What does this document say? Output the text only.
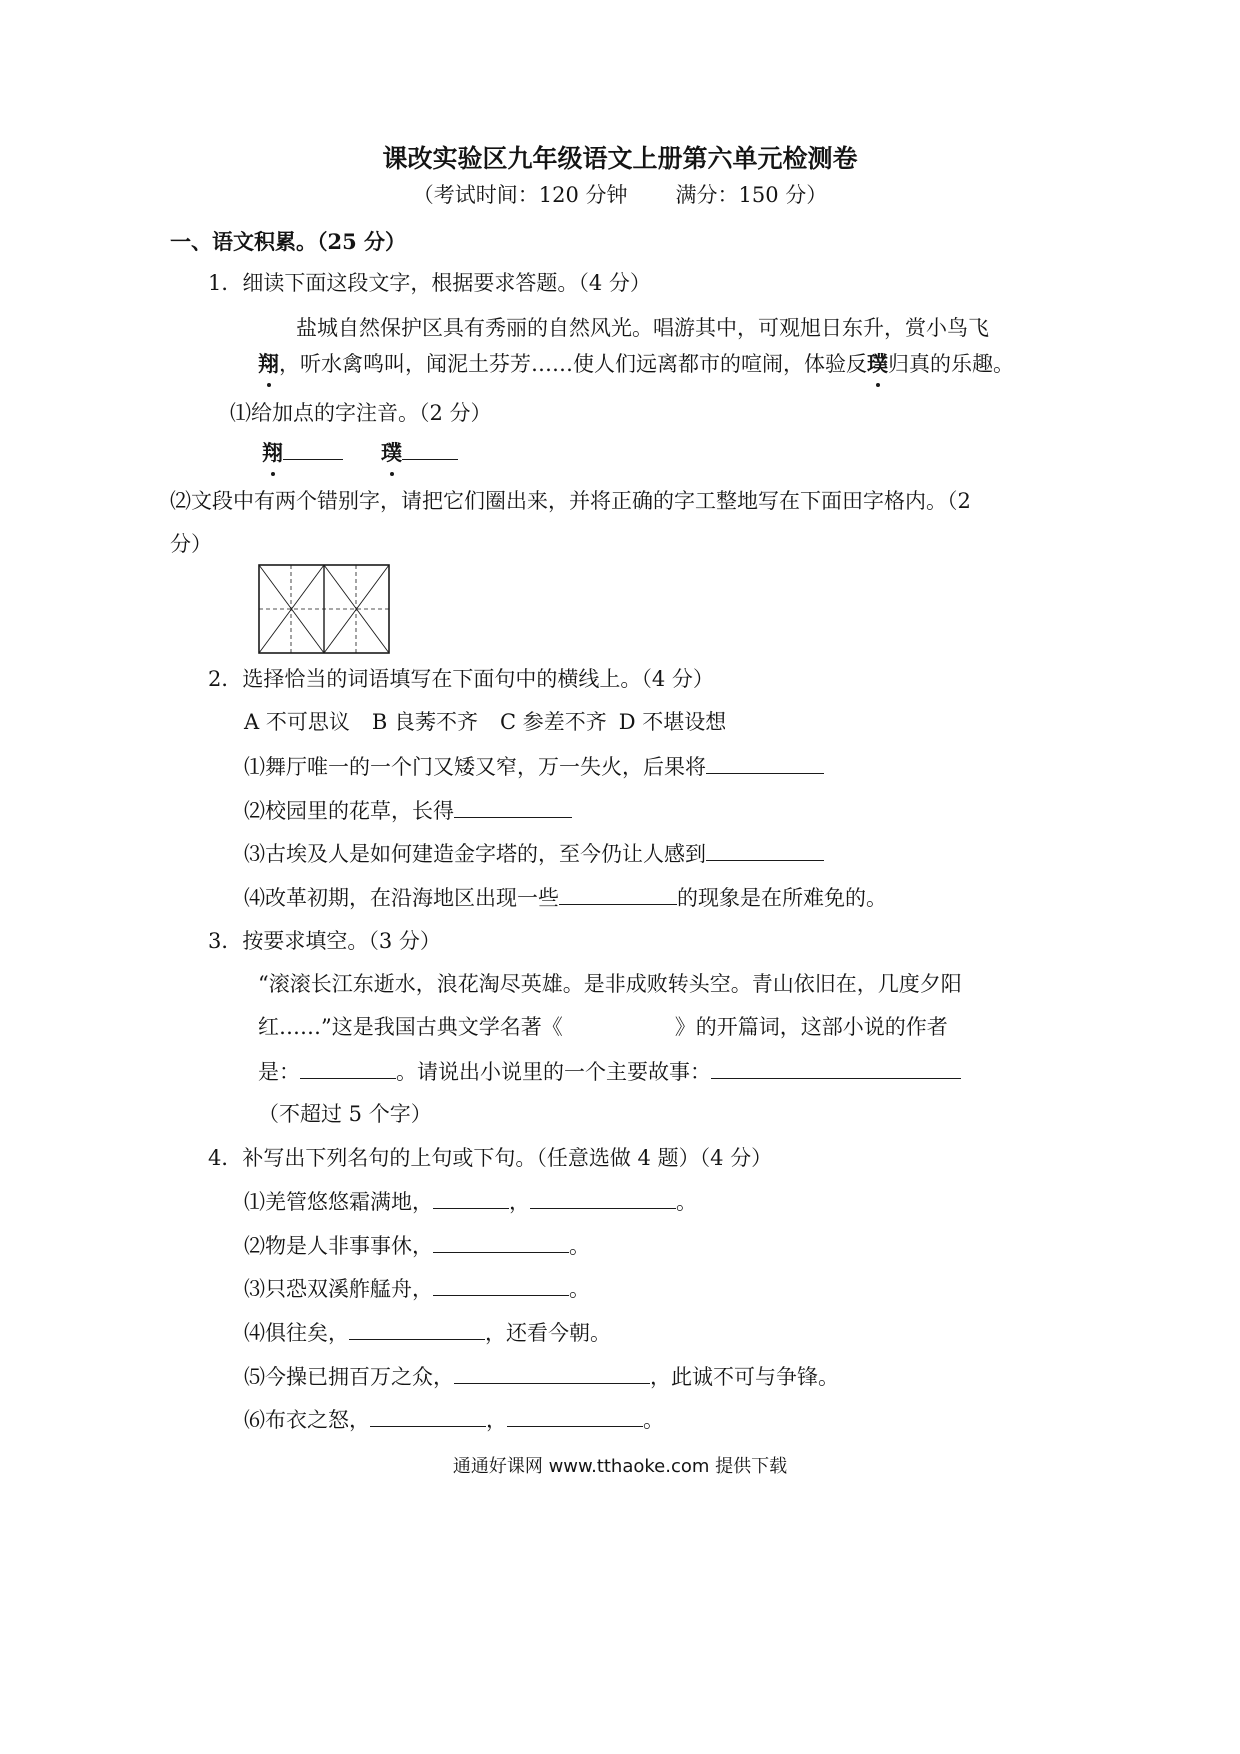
课改实验区九年级语文上册第六单元检测卷
（考试时间：120 分钟 满分：150 分）
一、语文积累。（25 分）
1．细读下面这段文字，根据要求答题。（4 分）
盐城自然保护区具有秀丽的自然风光。唱游其中，可观旭日东升，赏小鸟飞
翔，听水禽鸣叫，闻泥土芬芳……使人们远离都市的喧闹，体验反璞归真的乐趣。
⑴给加点的字注音。（2 分）
翔	璞
⑵文段中有两个错别字，请把它们圈出来，并将正确的字工整地写在下面田字格内。（2
分）
2．选择恰当的词语填写在下面句中的横线上。（4 分）
A 不可思议 B 良莠不齐 C 参差不齐 D 不堪设想
⑴舞厅唯一的一个门又矮又窄，万一失火，后果将
⑵校园里的花草，长得
⑶古埃及人是如何建造金字塔的，至今仍让人感到
⑷改革初期，在沿海地区出现一些	的现象是在所难免的。
3．按要求填空。（3 分）
“滚滚长江东逝水，浪花淘尽英雄。是非成败转头空。青山依旧在，几度夕阳
红……”这是我国古典文学名著《	》的开篇词，这部小说的作者
是：	。请说出小说里的一个主要故事：
（不超过 5 个字）
4．补写出下列名句的上句或下句。（任意选做 4 题）（4 分）
⑴羌管悠悠霜满地，	，	。
⑵物是人非事事休，	。
⑶只恐双溪舴艋舟，	。
⑷俱往矣，	，还看今朝。
⑸今操已拥百万之众，	，此诚不可与争锋。
⑹布衣之怒，	，	。
通通好课网 www.tthaoke.com 提供下载
